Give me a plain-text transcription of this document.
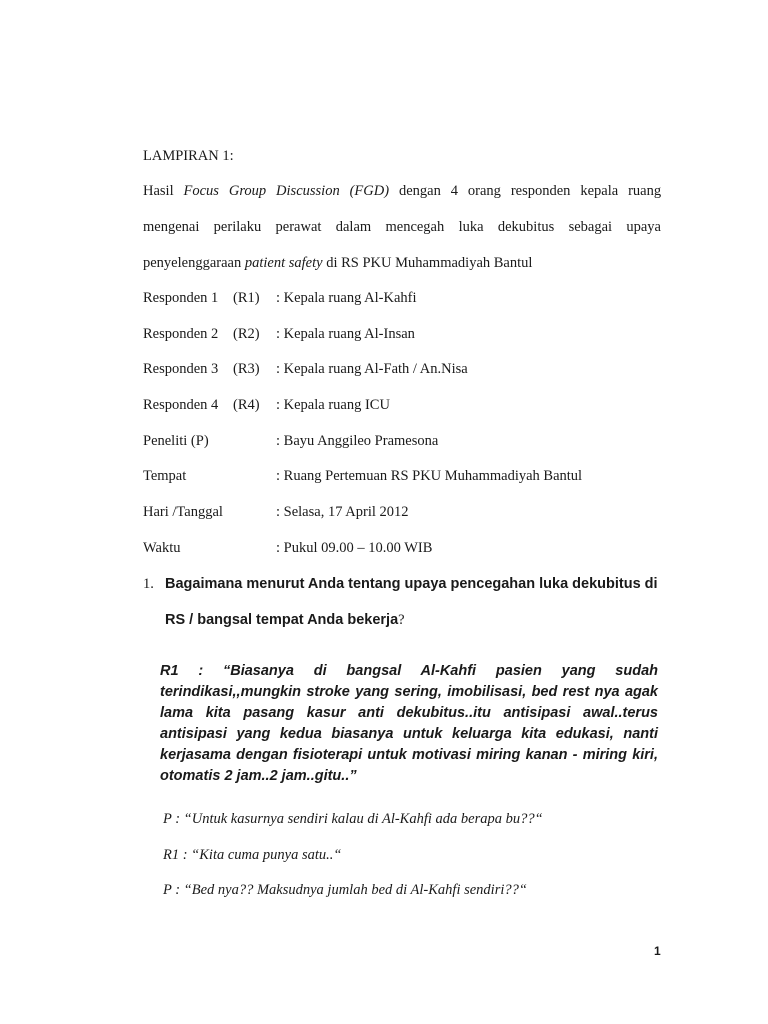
LAMPIRAN 1:
Hasil Focus Group Discussion (FGD) dengan 4 orang responden kepala ruang
mengenai perilaku perawat dalam mencegah luka dekubitus sebagai upaya
penyelenggaraan patient safety di RS PKU Muhammadiyah Bantul
Responden 1 (R1) : Kepala ruang Al-Kahfi
Responden 2 (R2) : Kepala ruang Al-Insan
Responden 3 (R3) : Kepala ruang Al-Fath / An.Nisa
Responden 4 (R4) : Kepala ruang ICU
Peneliti (P)	: Bayu Anggileo Pramesona
Tempat	: Ruang Pertemuan RS PKU Muhammadiyah Bantul
Hari /Tanggal	: Selasa, 17 April 2012
Waktu	: Pukul 09.00 – 10.00 WIB
1. Bagaimana menurut Anda tentang upaya pencegahan luka dekubitus di
RS / bangsal tempat Anda bekerja?
R1 : “Biasanya di bangsal Al-Kahfi pasien yang sudah
terindikasi,,mungkin stroke yang sering, imobilisasi, bed rest nya agak
lama kita pasang kasur anti dekubitus..itu antisipasi awal..terus
antisipasi yang kedua biasanya untuk keluarga kita edukasi, nanti
kerjasama dengan fisioterapi untuk motivasi miring kanan - miring kiri,
otomatis 2 jam..2 jam..gitu..”
P : “Untuk kasurnya sendiri kalau di Al-Kahfi ada berapa bu??“
R1 : “Kita cuma punya satu..“
P : “Bed nya?? Maksudnya jumlah bed di Al-Kahfi sendiri??“
1
